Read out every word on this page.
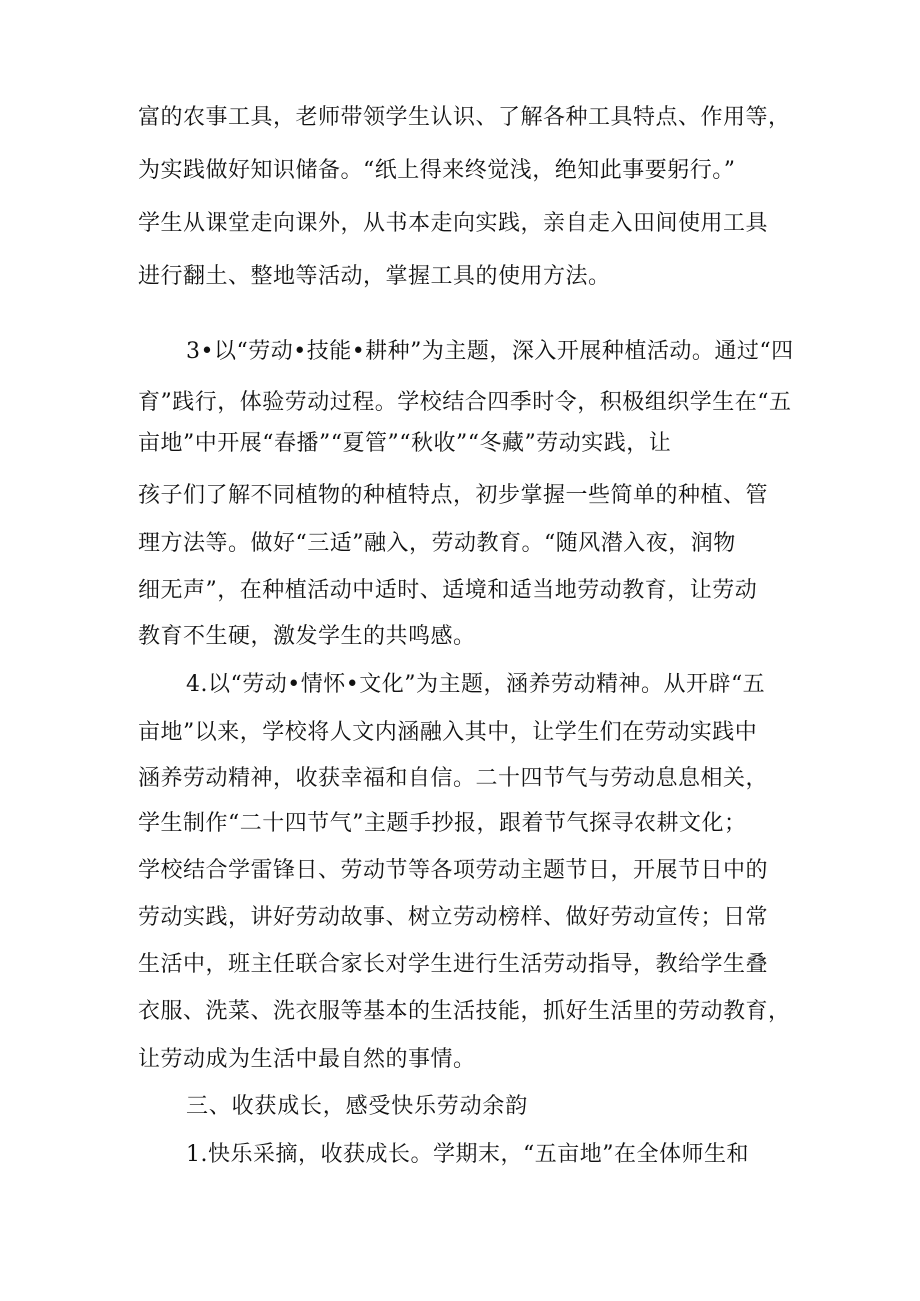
富的农事工具，老师带领学生认识、了解各种工具特点、作用等，
为实践做好知识储备。“纸上得来终觉浅，绝知此事要躬行。”
学生从课堂走向课外，从书本走向实践，亲自走入田间使用工具
进行翻土、整地等活动，掌握工具的使用方法。
3•以“劳动•技能•耕种”为主题，深入开展种植活动。通过“四
育”践行，体验劳动过程。学校结合四季时令，积极组织学生在“五
亩地”中开展“春播”“夏管”“秋收”“冬藏”劳动实践，让
孩子们了解不同植物的种植特点，初步掌握一些简单的种植、管
理方法等。做好“三适”融入，劳动教育。“随风潜入夜，润物
细无声”，在种植活动中适时、适境和适当地劳动教育，让劳动
教育不生硬，激发学生的共鸣感。
4.以“劳动•情怀•文化”为主题，涵养劳动精神。从开辟“五
亩地”以来，学校将人文内涵融入其中，让学生们在劳动实践中
涵养劳动精神，收获幸福和自信。二十四节气与劳动息息相关，
学生制作“二十四节气”主题手抄报，跟着节气探寻农耕文化；
学校结合学雷锋日、劳动节等各项劳动主题节日，开展节日中的
劳动实践，讲好劳动故事、树立劳动榜样、做好劳动宣传；日常
生活中，班主任联合家长对学生进行生活劳动指导，教给学生叠
衣服、洗菜、洗衣服等基本的生活技能，抓好生活里的劳动教育，
让劳动成为生活中最自然的事情。
三、收获成长，感受快乐劳动余韵
1.快乐采摘，收获成长。学期末，“五亩地”在全体师生和
